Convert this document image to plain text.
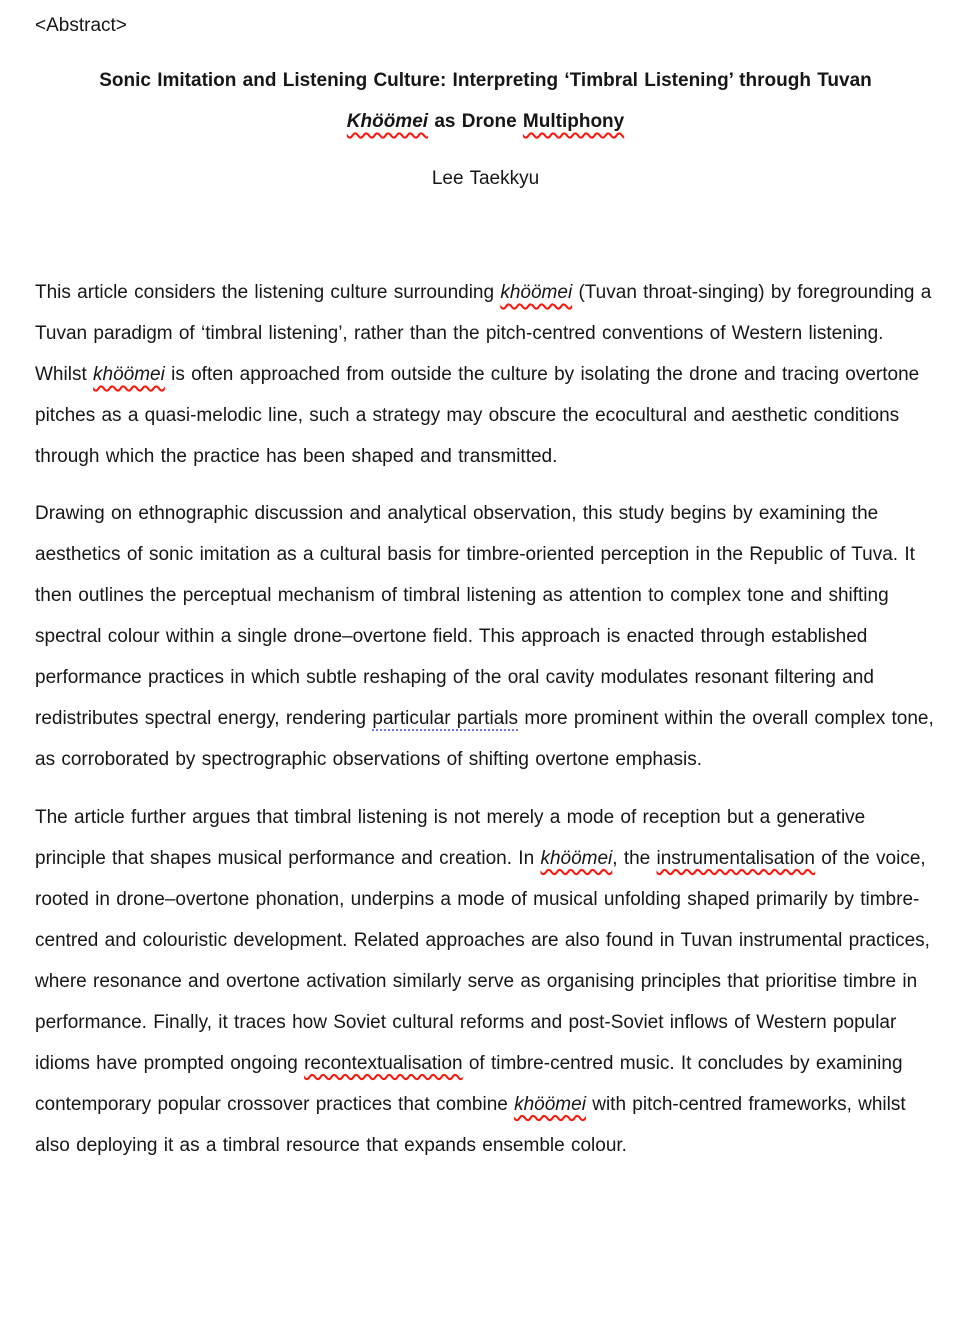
<Abstract>
Sonic Imitation and Listening Culture: Interpreting ‘Timbral Listening’ through Tuvan
Khöömei as Drone Multiphony
Lee Taekkyu
This article considers the listening culture surrounding khöömei (Tuvan throat-singing) by foregrounding a Tuvan paradigm of ‘timbral listening’, rather than the pitch-centred conventions of Western listening. Whilst khöömei is often approached from outside the culture by isolating the drone and tracing overtone pitches as a quasi-melodic line, such a strategy may obscure the ecocultural and aesthetic conditions through which the practice has been shaped and transmitted.
Drawing on ethnographic discussion and analytical observation, this study begins by examining the aesthetics of sonic imitation as a cultural basis for timbre-oriented perception in the Republic of Tuva. It then outlines the perceptual mechanism of timbral listening as attention to complex tone and shifting spectral colour within a single drone–overtone field. This approach is enacted through established performance practices in which subtle reshaping of the oral cavity modulates resonant filtering and redistributes spectral energy, rendering particular partials more prominent within the overall complex tone, as corroborated by spectrographic observations of shifting overtone emphasis.
The article further argues that timbral listening is not merely a mode of reception but a generative principle that shapes musical performance and creation. In khöömei, the instrumentalisation of the voice, rooted in drone–overtone phonation, underpins a mode of musical unfolding shaped primarily by timbre-centred and colouristic development. Related approaches are also found in Tuvan instrumental practices, where resonance and overtone activation similarly serve as organising principles that prioritise timbre in performance. Finally, it traces how Soviet cultural reforms and post-Soviet inflows of Western popular idioms have prompted ongoing recontextualisation of timbre-centred music. It concludes by examining contemporary popular crossover practices that combine khöömei with pitch-centred frameworks, whilst also deploying it as a timbral resource that expands ensemble colour.
